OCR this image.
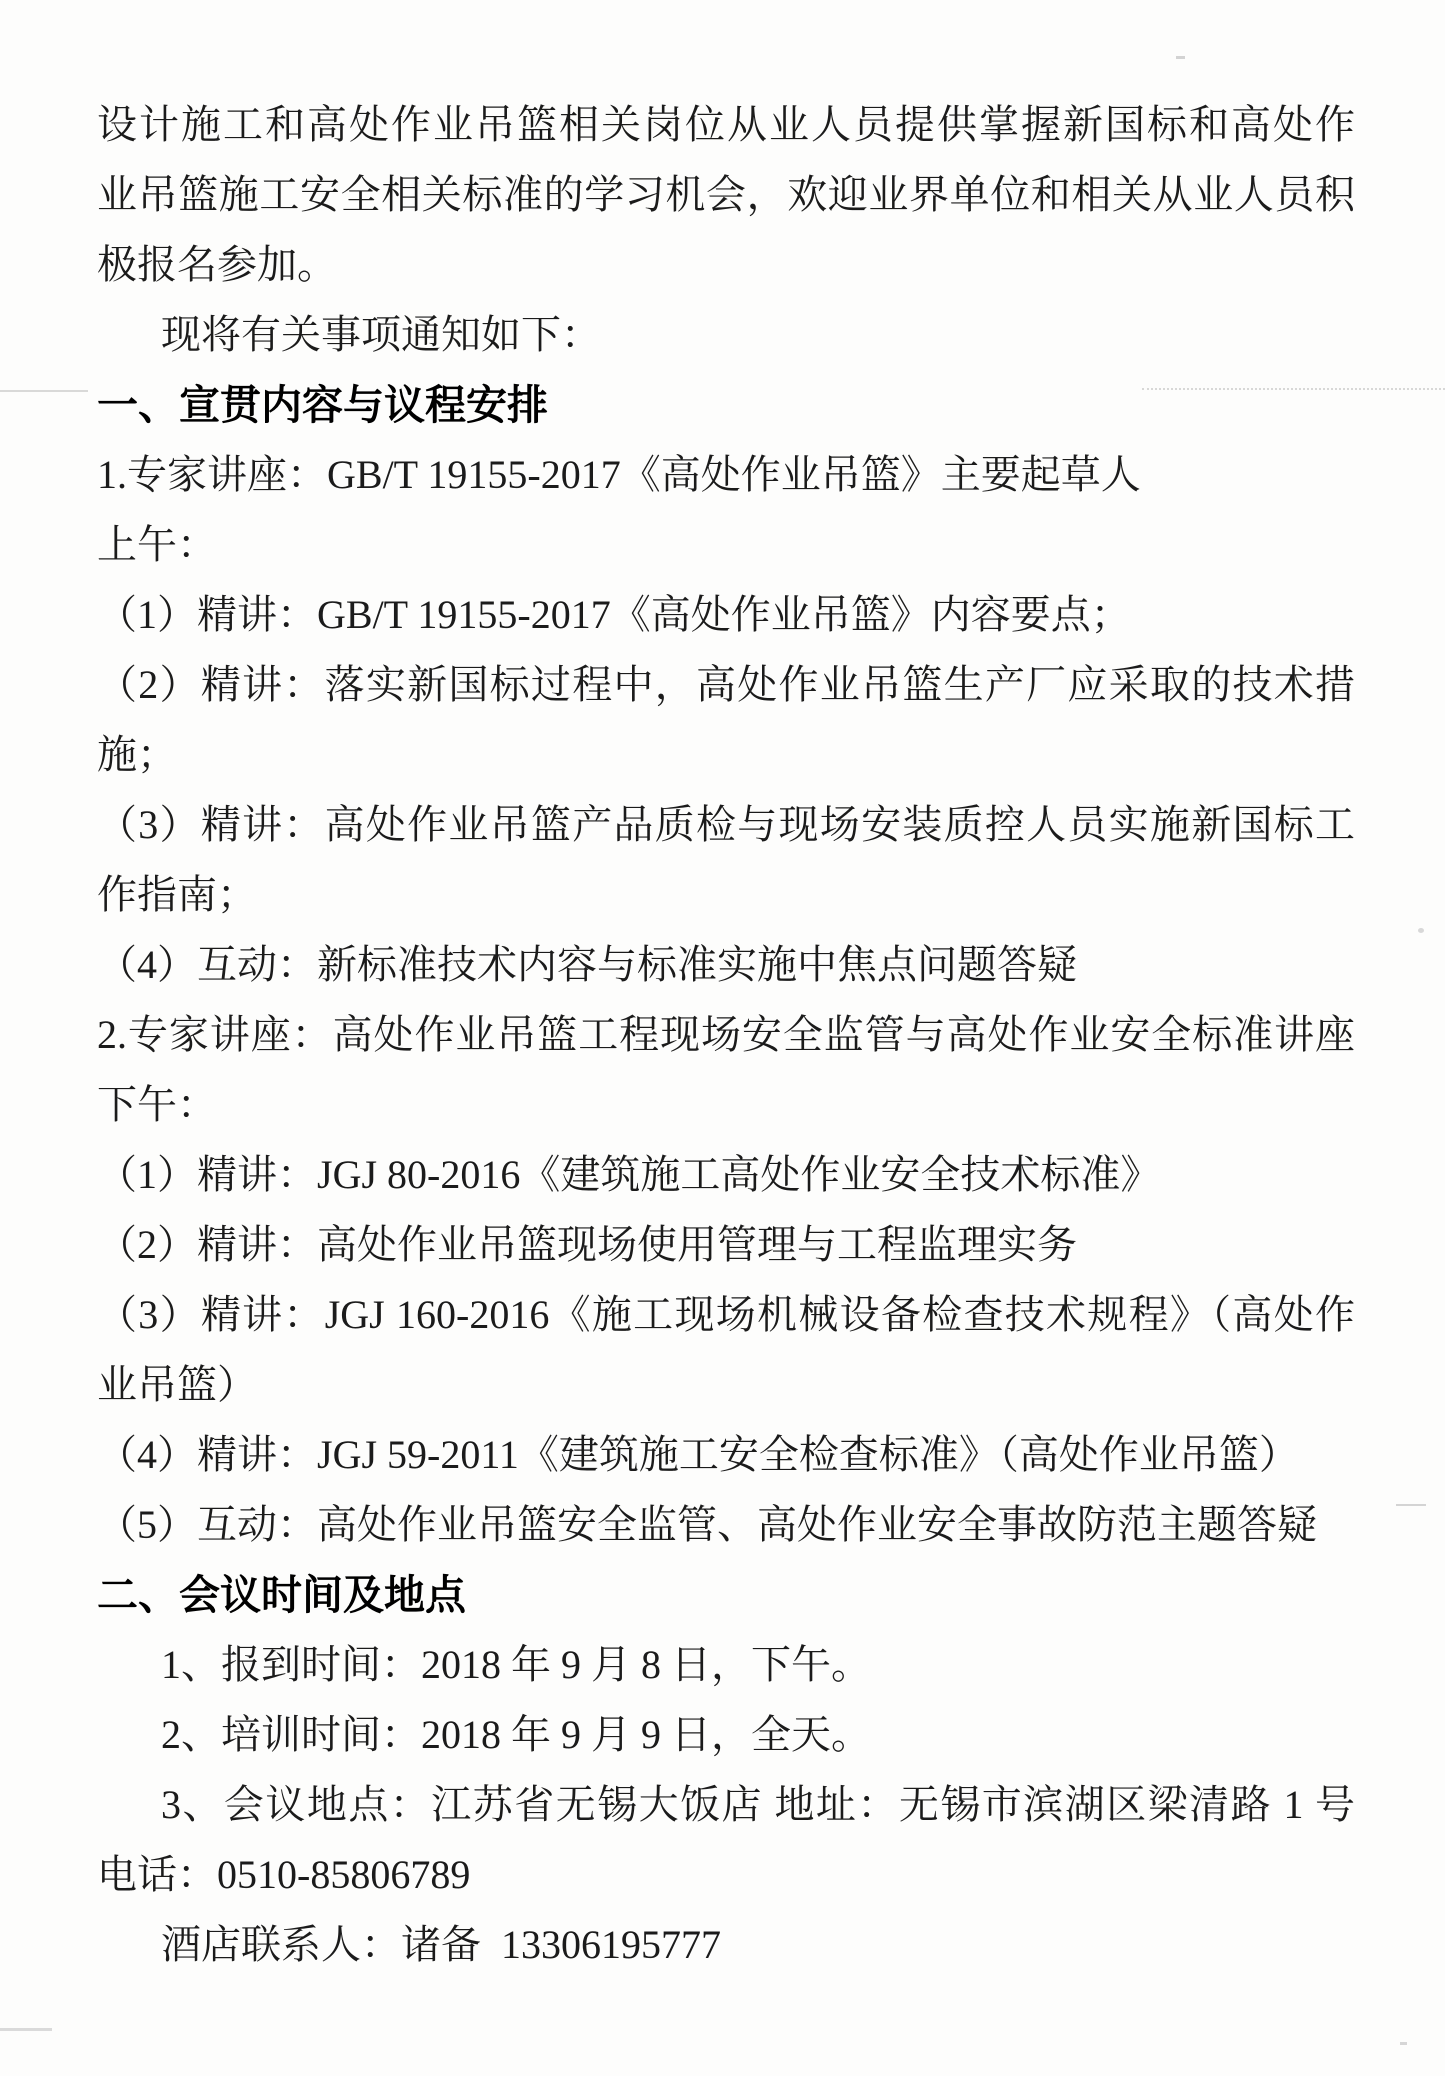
设计施工和高处作业吊篮相关岗位从业人员提供掌握新国标和高处作
业吊篮施工安全相关标准的学习机会，欢迎业界单位和相关从业人员积
极报名参加。
现将有关事项通知如下：
一、宣贯内容与议程安排
1.专家讲座：GB/T 19155-2017《高处作业吊篮》主要起草人
上午：
（1）精讲：GB/T 19155-2017《高处作业吊篮》内容要点；
（2）精讲：落实新国标过程中，高处作业吊篮生产厂应采取的技术措
施；
（3）精讲：高处作业吊篮产品质检与现场安装质控人员实施新国标工
作指南；
（4）互动：新标准技术内容与标准实施中焦点问题答疑
2.专家讲座：高处作业吊篮工程现场安全监管与高处作业安全标准讲座
下午：
（1）精讲：JGJ 80-2016《建筑施工高处作业安全技术标准》
（2）精讲：高处作业吊篮现场使用管理与工程监理实务
（3）精讲：JGJ 160-2016《施工现场机械设备检查技术规程》（高处作
业吊篮）
（4）精讲：JGJ 59-2011《建筑施工安全检查标准》（高处作业吊篮）
（5）互动：高处作业吊篮安全监管、高处作业安全事故防范主题答疑
二、会议时间及地点
1、报到时间：2018 年 9 月 8 日，下午。
2、培训时间：2018 年 9 月 9 日，全天。
3、会议地点：江苏省无锡大饭店 地址：无锡市滨湖区梁清路 1 号
电话：0510-85806789
酒店联系人：诸备  13306195777
